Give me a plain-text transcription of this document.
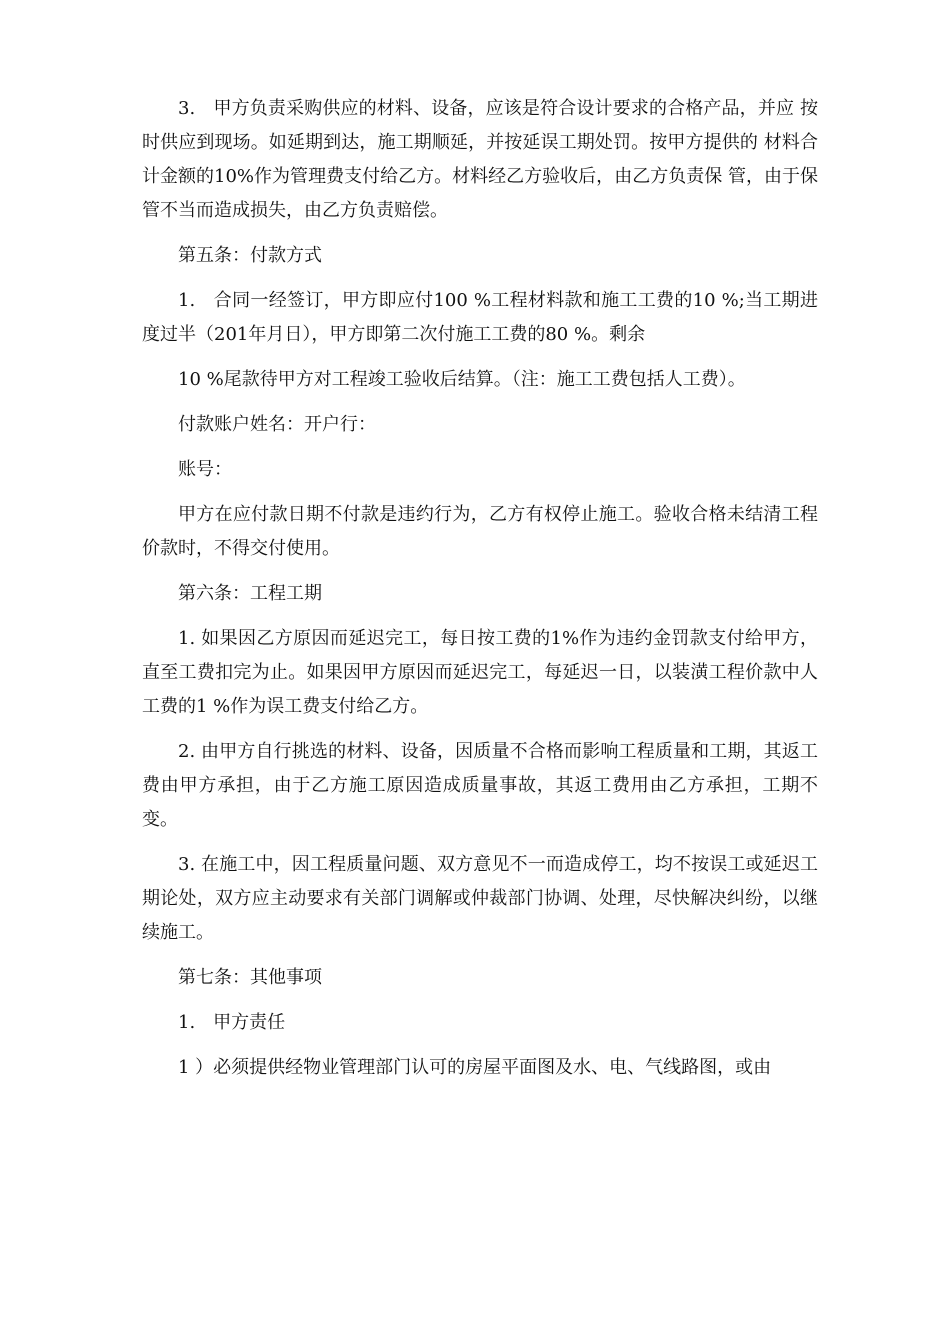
3.　甲方负责采购供应的材料、设备，应该是符合设计要求的合格产品，并应 按时供应到现场。如延期到达，施工期顺延，并按延误工期处罚。按甲方提供的 材料合计金额的10%作为管理费支付给乙方。材料经乙方验收后，由乙方负责保 管，由于保管不当而造成损失，由乙方负责赔偿。

第五条：付款方式

1.　合同一经签订，甲方即应付100 %工程材料款和施工工费的10 %;当工期进度过半（201年月日），甲方即第二次付施工工费的80 %。剩余

10 %尾款待甲方对工程竣工验收后结算。（注：施工工费包括人工费）。

付款账户姓名：开户行：

账号：

甲方在应付款日期不付款是违约行为，乙方有权停止施工。验收合格未结清工程价款时，不得交付使用。

第六条：工程工期

1. 如果因乙方原因而延迟完工，每日按工费的1%作为违约金罚款支付给甲方，直至工费扣完为止。如果因甲方原因而延迟完工，每延迟一日，以装潢工程价款中人工费的1 %作为误工费支付给乙方。

2. 由甲方自行挑选的材料、设备，因质量不合格而影响工程质量和工期，其返工费由甲方承担，由于乙方施工原因造成质量事故，其返工费用由乙方承担，工期不变。

3. 在施工中，因工程质量问题、双方意见不一而造成停工，均不按误工或延迟工期论处，双方应主动要求有关部门调解或仲裁部门协调、处理，尽快解决纠纷，以继续施工。

第七条：其他事项

1.　甲方责任

1 ）必须提供经物业管理部门认可的房屋平面图及水、电、气线路图，或由
